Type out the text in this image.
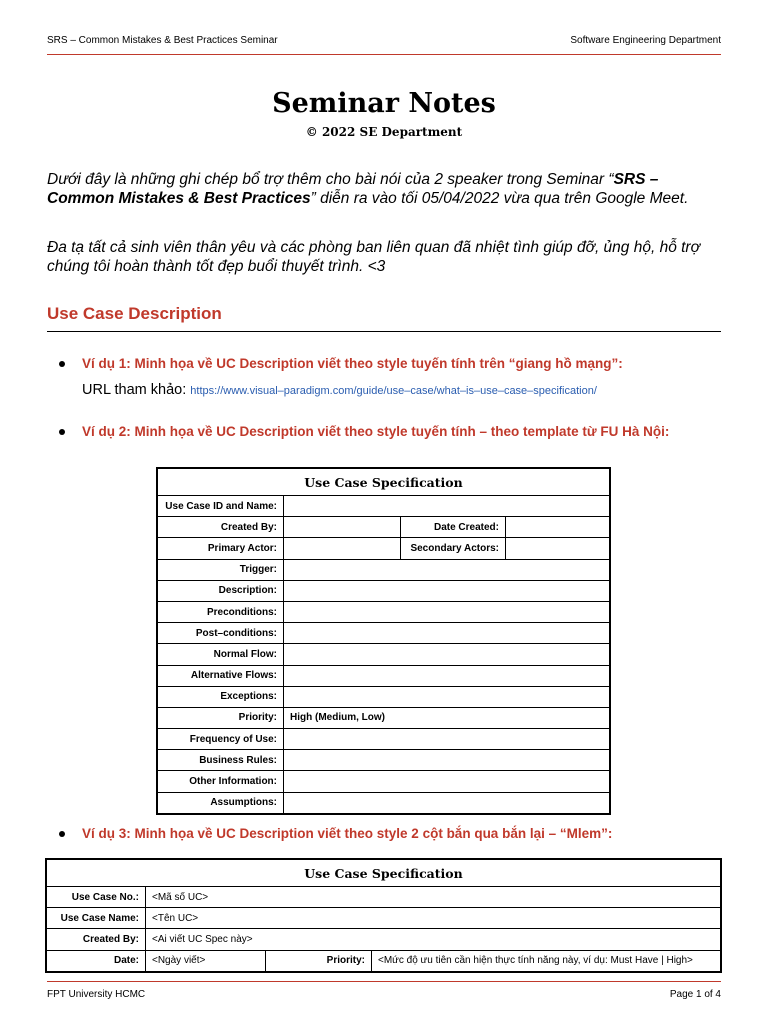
SRS – Common Mistakes & Best Practices Seminar	Software Engineering Department
Seminar Notes
© 2022 SE Department
Dưới đây là những ghi chép bổ trợ thêm cho bài nói của 2 speaker trong Seminar “SRS – Common Mistakes & Best Practices” diễn ra vào tối 05/04/2022 vừa qua trên Google Meet.
Đa tạ tất cả sinh viên thân yêu và các phòng ban liên quan đã nhiệt tình giúp đỡ, ủng hộ, hỗ trợ chúng tôi hoàn thành tốt đẹp buổi thuyết trình. <3
Use Case Description
Ví dụ 1: Minh họa về UC Description viết theo style tuyến tính trên “giang hồ mạng”:
URL tham khảo: https://www.visual–paradigm.com/guide/use–case/what–is–use–case–specification/
Ví dụ 2: Minh họa về UC Description viết theo style tuyến tính – theo template từ FU Hà Nội:
Use Case Specification			
Use Case ID and Name:			
Created By:		Date Created:	
Primary Actor:		Secondary Actors:	
Trigger:			
Description:			
Preconditions:			
Post–conditions:			
Normal Flow:			
Alternative Flows:			
Exceptions:			
Priority:	High (Medium, Low)		
Frequency of Use:			
Business Rules:			
Other Information:			
Assumptions:			
Ví dụ 3: Minh họa về UC Description viết theo style 2 cột bắn qua bắn lại – “Mlem”:
Use Case Specification			
Use Case No.:	<Mã số UC>		
Use Case Name:	<Tên UC>		
Created By:	<Ai viết UC Spec này>		
Date:	<Ngày viết>	Priority:	<Mức độ ưu tiên cần hiện thực tính năng này, ví dụ: Must Have | High>
FPT University HCMC	Page 1 of 4
